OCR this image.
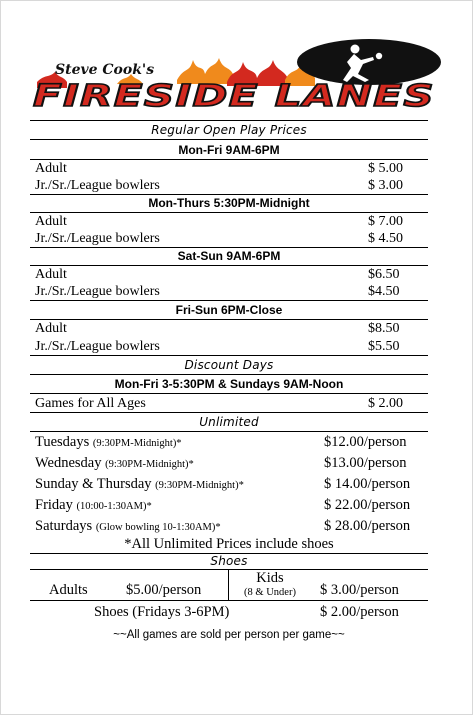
Steve Cook's
FIRESIDE LANES
Regular Open Play Prices
Mon-Fri 9AM-6PM
Adult	$ 5.00
Jr./Sr./League bowlers	$ 3.00
Mon-Thurs 5:30PM-Midnight
Adult	$ 7.00
Jr./Sr./League bowlers	$ 4.50
Sat-Sun 9AM-6PM
Adult	$6.50
Jr./Sr./League bowlers	$4.50
Fri-Sun 6PM-Close
Adult	$8.50
Jr./Sr./League bowlers	$5.50
Discount Days
Mon-Fri 3-5:30PM & Sundays 9AM-Noon
Games for All Ages	$ 2.00
Unlimited
Tuesdays (9:30PM-Midnight)*	$12.00/person
Wednesday (9:30PM-Midnight)*	$13.00/person
Sunday & Thursday (9:30PM-Midnight)*	$ 14.00/person
Friday (10:00-1:30AM)*	$ 22.00/person
Saturdays (Glow bowling 10-1:30AM)*	$ 28.00/person
*All Unlimited Prices include shoes
Shoes
Adults	$5.00/person
Kids
(8 & Under)	$ 3.00/person
Shoes (Fridays 3-6PM)	$ 2.00/person
~~All games are sold per person per game~~
